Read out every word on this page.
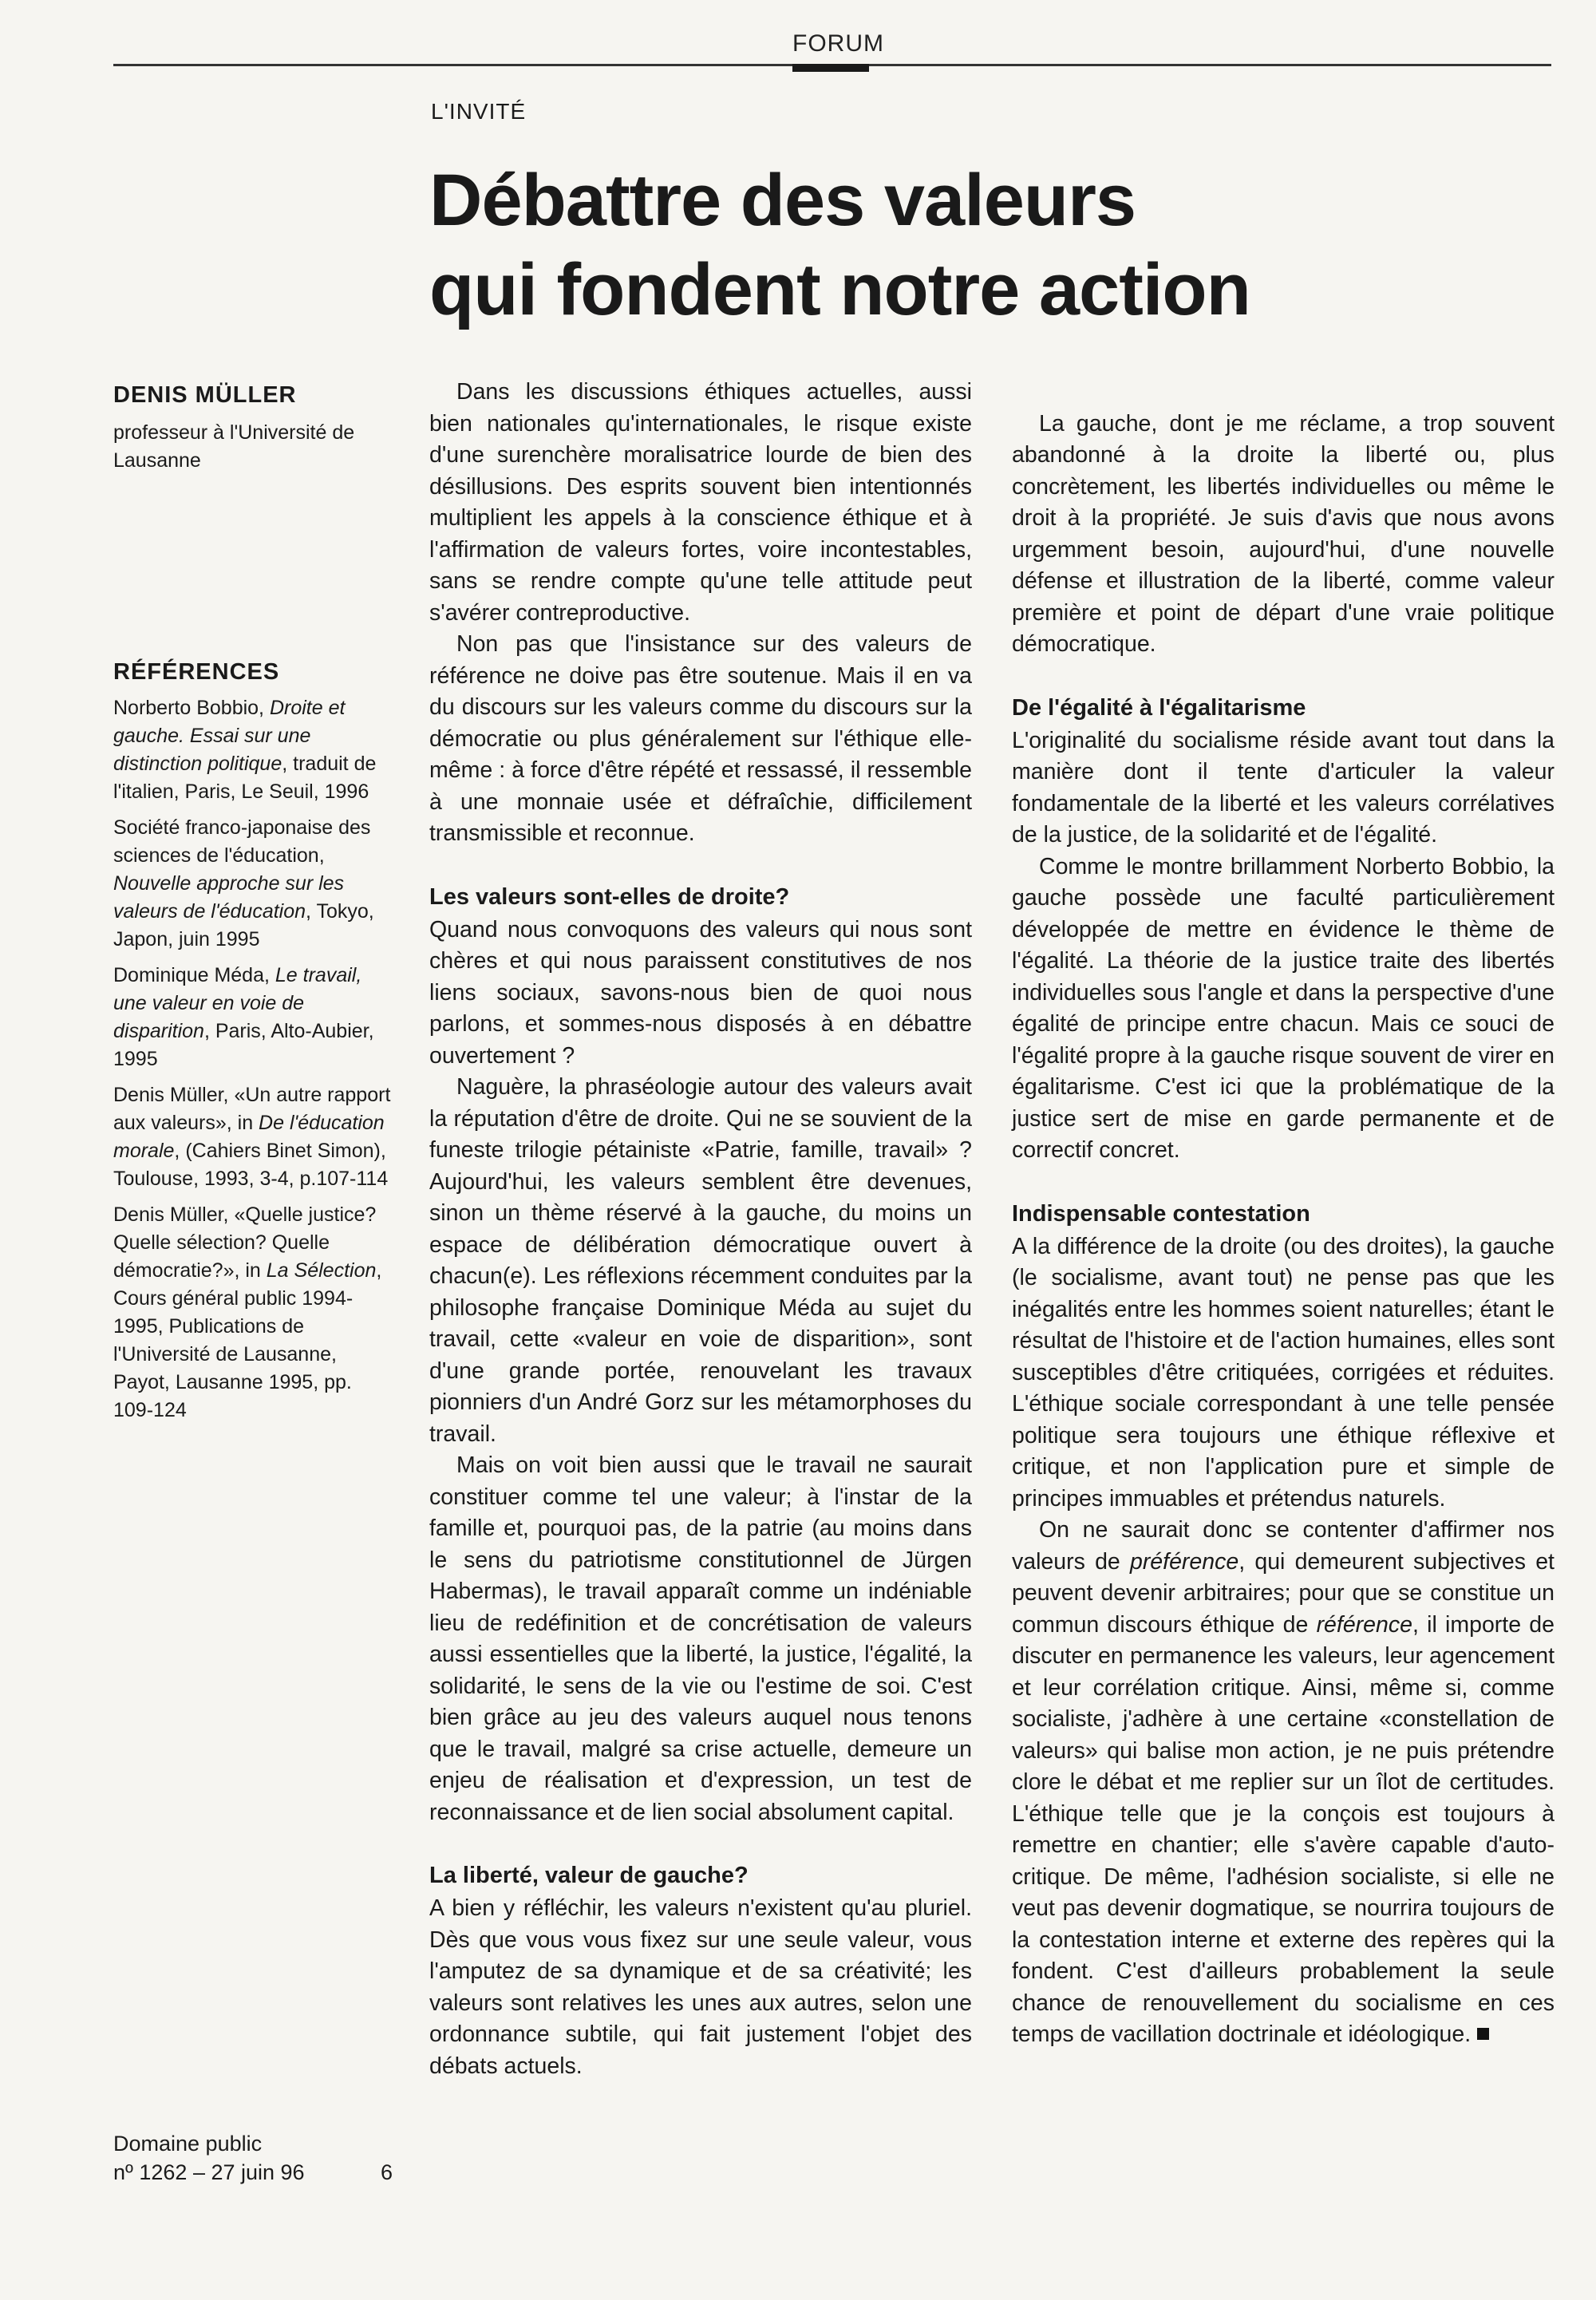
FORUM
L'INVITÉ
Débattre des valeurs
qui fondent notre action

DENIS MÜLLER

professeur à l'Université de Lausanne

RÉFÉRENCES

Norberto Bobbio, Droite et gauche. Essai sur une distinction politique, traduit de l'italien, Paris, Le Seuil, 1996

Société franco-japonaise des sciences de l'éducation, Nouvelle approche sur les valeurs de l'éducation, Tokyo, Japon, juin 1995

Dominique Méda, Le travail, une valeur en voie de disparition, Paris, Alto-Aubier, 1995

Denis Müller, «Un autre rapport aux valeurs», in De l'éducation morale, (Cahiers Binet Simon), Toulouse, 1993, 3-4, p.107-114

Denis Müller, «Quelle justice? Quelle sélection? Quelle démocratie?», in La Sélection, Cours général public 1994-1995, Publications de l'Université de Lausanne, Payot, Lausanne 1995, pp. 109-124

Domaine public
nº 1262 – 27 juin 96	6

Dans les discussions éthiques actuelles, aussi bien nationales qu'internationales, le risque existe d'une surenchère moralisatrice lourde de bien des désillusions. Des esprits souvent bien intentionnés multiplient les appels à la conscience éthique et à l'affirmation de valeurs fortes, voire incontestables, sans se rendre compte qu'une telle attitude peut s'avérer contreproductive.

Non pas que l'insistance sur des valeurs de référence ne doive pas être soutenue. Mais il en va du discours sur les valeurs comme du discours sur la démocratie ou plus généralement sur l'éthique elle-même : à force d'être répété et ressassé, il ressemble à une monnaie usée et défraîchie, difficilement transmissible et reconnue.

Les valeurs sont-elles de droite?

Quand nous convoquons des valeurs qui nous sont chères et qui nous paraissent constitutives de nos liens sociaux, savons-nous bien de quoi nous parlons, et sommes-nous disposés à en débattre ouvertement ?

Naguère, la phraséologie autour des valeurs avait la réputation d'être de droite. Qui ne se souvient de la funeste trilogie pétainiste «Patrie, famille, travail» ? Aujourd'hui, les valeurs semblent être devenues, sinon un thème réservé à la gauche, du moins un espace de délibération démocratique ouvert à chacun(e). Les réflexions récemment conduites par la philosophe française Dominique Méda au sujet du travail, cette «valeur en voie de disparition», sont d'une grande portée, renouvelant les travaux pionniers d'un André Gorz sur les métamorphoses du travail.

Mais on voit bien aussi que le travail ne saurait constituer comme tel une valeur; à l'instar de la famille et, pourquoi pas, de la patrie (au moins dans le sens du patriotisme constitutionnel de Jürgen Habermas), le travail apparaît comme un indéniable lieu de redéfinition et de concrétisation de valeurs aussi essentielles que la liberté, la justice, l'égalité, la solidarité, le sens de la vie ou l'estime de soi. C'est bien grâce au jeu des valeurs auquel nous tenons que le travail, malgré sa crise actuelle, demeure un enjeu de réalisation et d'expression, un test de reconnaissance et de lien social absolument capital.

La liberté, valeur de gauche?

A bien y réfléchir, les valeurs n'existent qu'au pluriel. Dès que vous vous fixez sur une seule valeur, vous l'amputez de sa dynamique et de sa créativité; les valeurs sont relatives les unes aux autres, selon une ordonnance subtile, qui fait justement l'objet des débats actuels.

La gauche, dont je me réclame, a trop souvent abandonné à la droite la liberté ou, plus concrètement, les libertés individuelles ou même le droit à la propriété. Je suis d'avis que nous avons urgemment besoin, aujourd'hui, d'une nouvelle défense et illustration de la liberté, comme valeur première et point de départ d'une vraie politique démocratique.

De l'égalité à l'égalitarisme

L'originalité du socialisme réside avant tout dans la manière dont il tente d'articuler la valeur fondamentale de la liberté et les valeurs corrélatives de la justice, de la solidarité et de l'égalité.

Comme le montre brillamment Norberto Bobbio, la gauche possède une faculté particulièrement développée de mettre en évidence le thème de l'égalité. La théorie de la justice traite des libertés individuelles sous l'angle et dans la perspective d'une égalité de principe entre chacun. Mais ce souci de l'égalité propre à la gauche risque souvent de virer en égalitarisme. C'est ici que la problématique de la justice sert de mise en garde permanente et de correctif concret.

Indispensable contestation

A la différence de la droite (ou des droites), la gauche (le socialisme, avant tout) ne pense pas que les inégalités entre les hommes soient naturelles; étant le résultat de l'histoire et de l'action humaines, elles sont susceptibles d'être critiquées, corrigées et réduites. L'éthique sociale correspondant à une telle pensée politique sera toujours une éthique réflexive et critique, et non l'application pure et simple de principes immuables et prétendus naturels.

On ne saurait donc se contenter d'affirmer nos valeurs de préférence, qui demeurent subjectives et peuvent devenir arbitraires; pour que se constitue un commun discours éthique de référence, il importe de discuter en permanence les valeurs, leur agencement et leur corrélation critique. Ainsi, même si, comme socialiste, j'adhère à une certaine «constellation de valeurs» qui balise mon action, je ne puis prétendre clore le débat et me replier sur un îlot de certitudes. L'éthique telle que je la conçois est toujours à remettre en chantier; elle s'avère capable d'auto-critique. De même, l'adhésion socialiste, si elle ne veut pas devenir dogmatique, se nourrira toujours de la contestation interne et externe des repères qui la fondent. C'est d'ailleurs probablement la seule chance de renouvellement du socialisme en ces temps de vacillation doctrinale et idéologique.
